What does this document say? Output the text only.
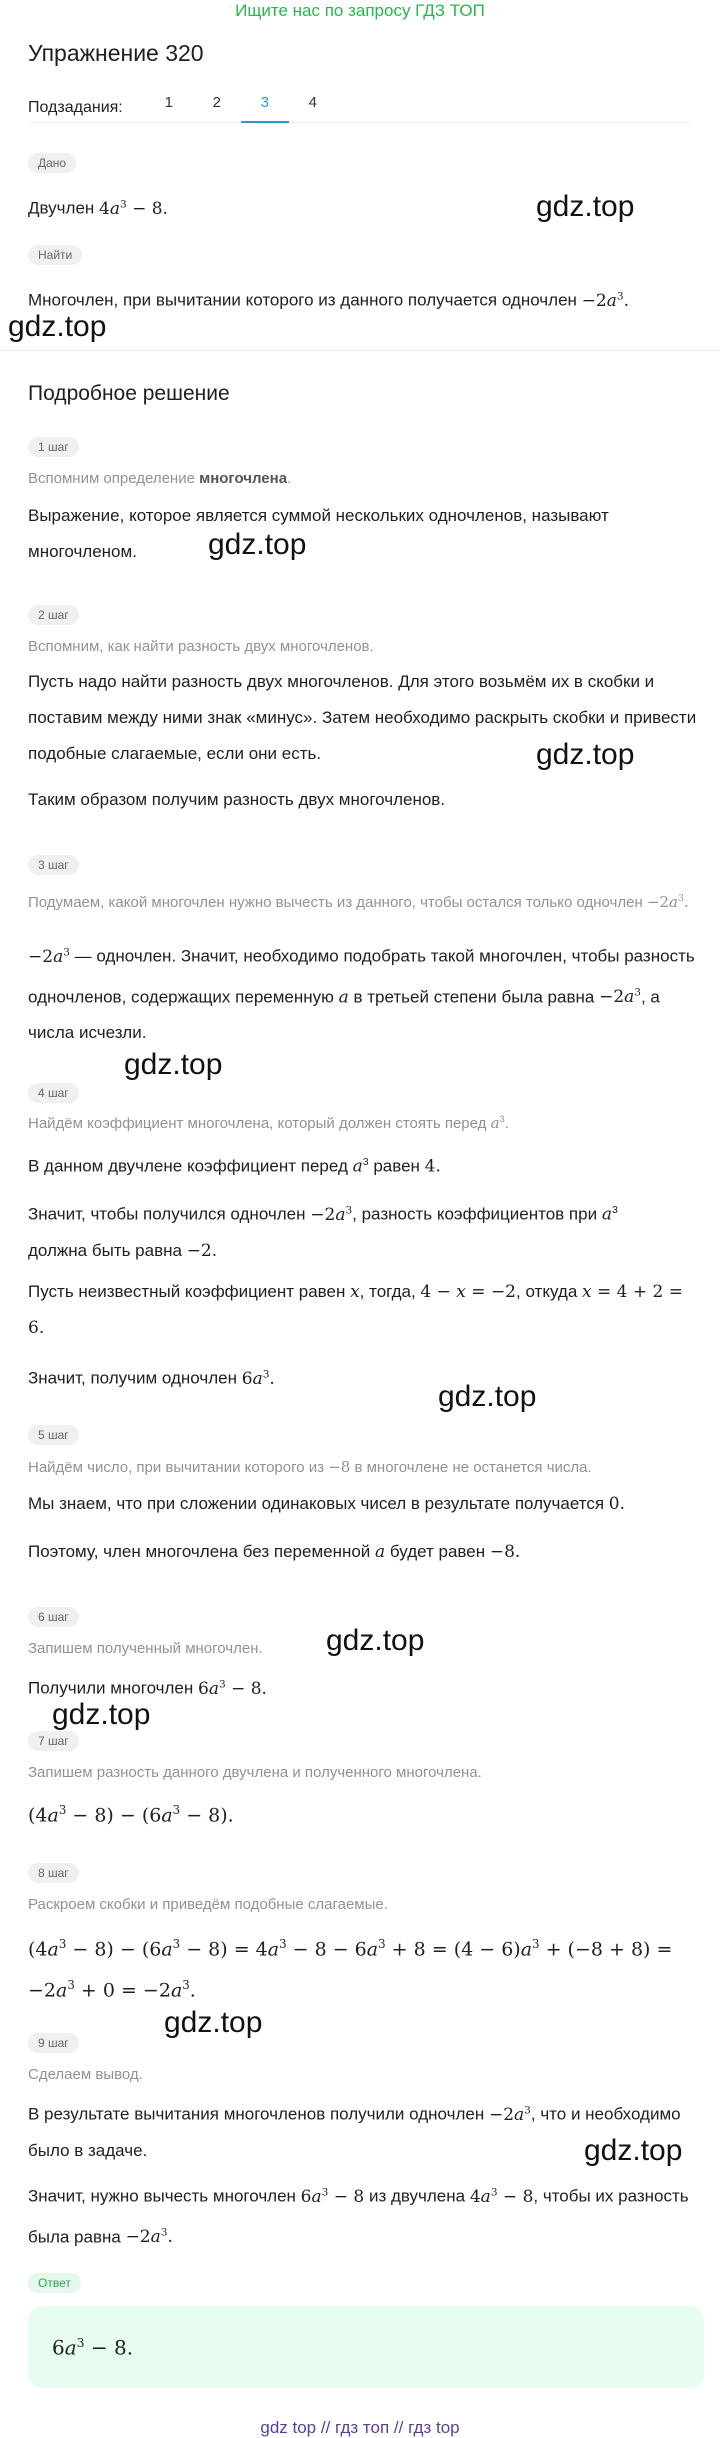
Ищите нас по запросу ГДЗ ТОП
Упражнение 320
Подзадания:	1	2	3	4
Дано
Двучлен $4a^3 - 8$.
Найти
Многочлен, при вычитании которого из данного получается одночлен $-2a^3$.
Подробное решение
1 шаг
Вспомним определение многочлена.
Выражение, которое является суммой нескольких одночленов, называют многочленом.
2 шаг
Вспомним, как найти разность двух многочленов.
Пусть надо найти разность двух многочленов. Для этого возьмём их в скобки и поставим между ними знак «минус». Затем необходимо раскрыть скобки и привести подобные слагаемые, если они есть.
Таким образом получим разность двух многочленов.
3 шаг
Подумаем, какой многочлен нужно вычесть из данного, чтобы остался только одночлен $-2a^3$.
$-2a^3$ — одночлен. Значит, необходимо подобрать такой многочлен, чтобы разность одночленов, содержащих переменную a в третьей степени была равна $-2a^3$, а числа исчезли.
4 шаг
Найдём коэффициент многочлена, который должен стоять перед $a^3$.
В данном двучлене коэффициент перед $a^3$ равен 4.
Значит, чтобы получился одночлен $-2a^3$, разность коэффициентов при $a^3$
должна быть равна −2.
Пусть неизвестный коэффициент равен x, тогда, 4 − x = −2, откуда x = 4 + 2 = 6.
Значит, получим одночлен $6a^3$.
5 шаг
Найдём число, при вычитании которого из −8 в многочлене не останется числа.
Мы знаем, что при сложении одинаковых чисел в результате получается 0.
Поэтому, член многочлена без переменной a будет равен −8.
6 шаг
Запишем полученный многочлен.
Получили многочлен $6a^3 - 8$.
7 шаг
Запишем разность данного двучлена и полученного многочлена.
$(4a^3 - 8) - (6a^3 - 8)$.
8 шаг
Раскроем скобки и приведём подобные слагаемые.
$(4a^3 - 8) - (6a^3 - 8) = 4a^3 - 8 - 6a^3 + 8 = (4 - 6)a^3 + (-8 + 8)$ =
$-2a^3 + 0 = -2a^3$.
9 шаг
Сделаем вывод.
В результате вычитания многочленов получили одночлен $-2a^3$, что и необходимо было в задаче.
Значит, нужно вычесть многочлен $6a^3 - 8$ из двучлена $4a^3 - 8$, чтобы их разность была равна $-2a^3$.
Ответ
$6a^3 - 8$.
gdz.top
gdz.top
gdz.top
gdz.top
gdz.top
gdz.top
gdz.top
gdz.top
gdz.top
gdz.top
gdz top // гдз топ // гдз top
